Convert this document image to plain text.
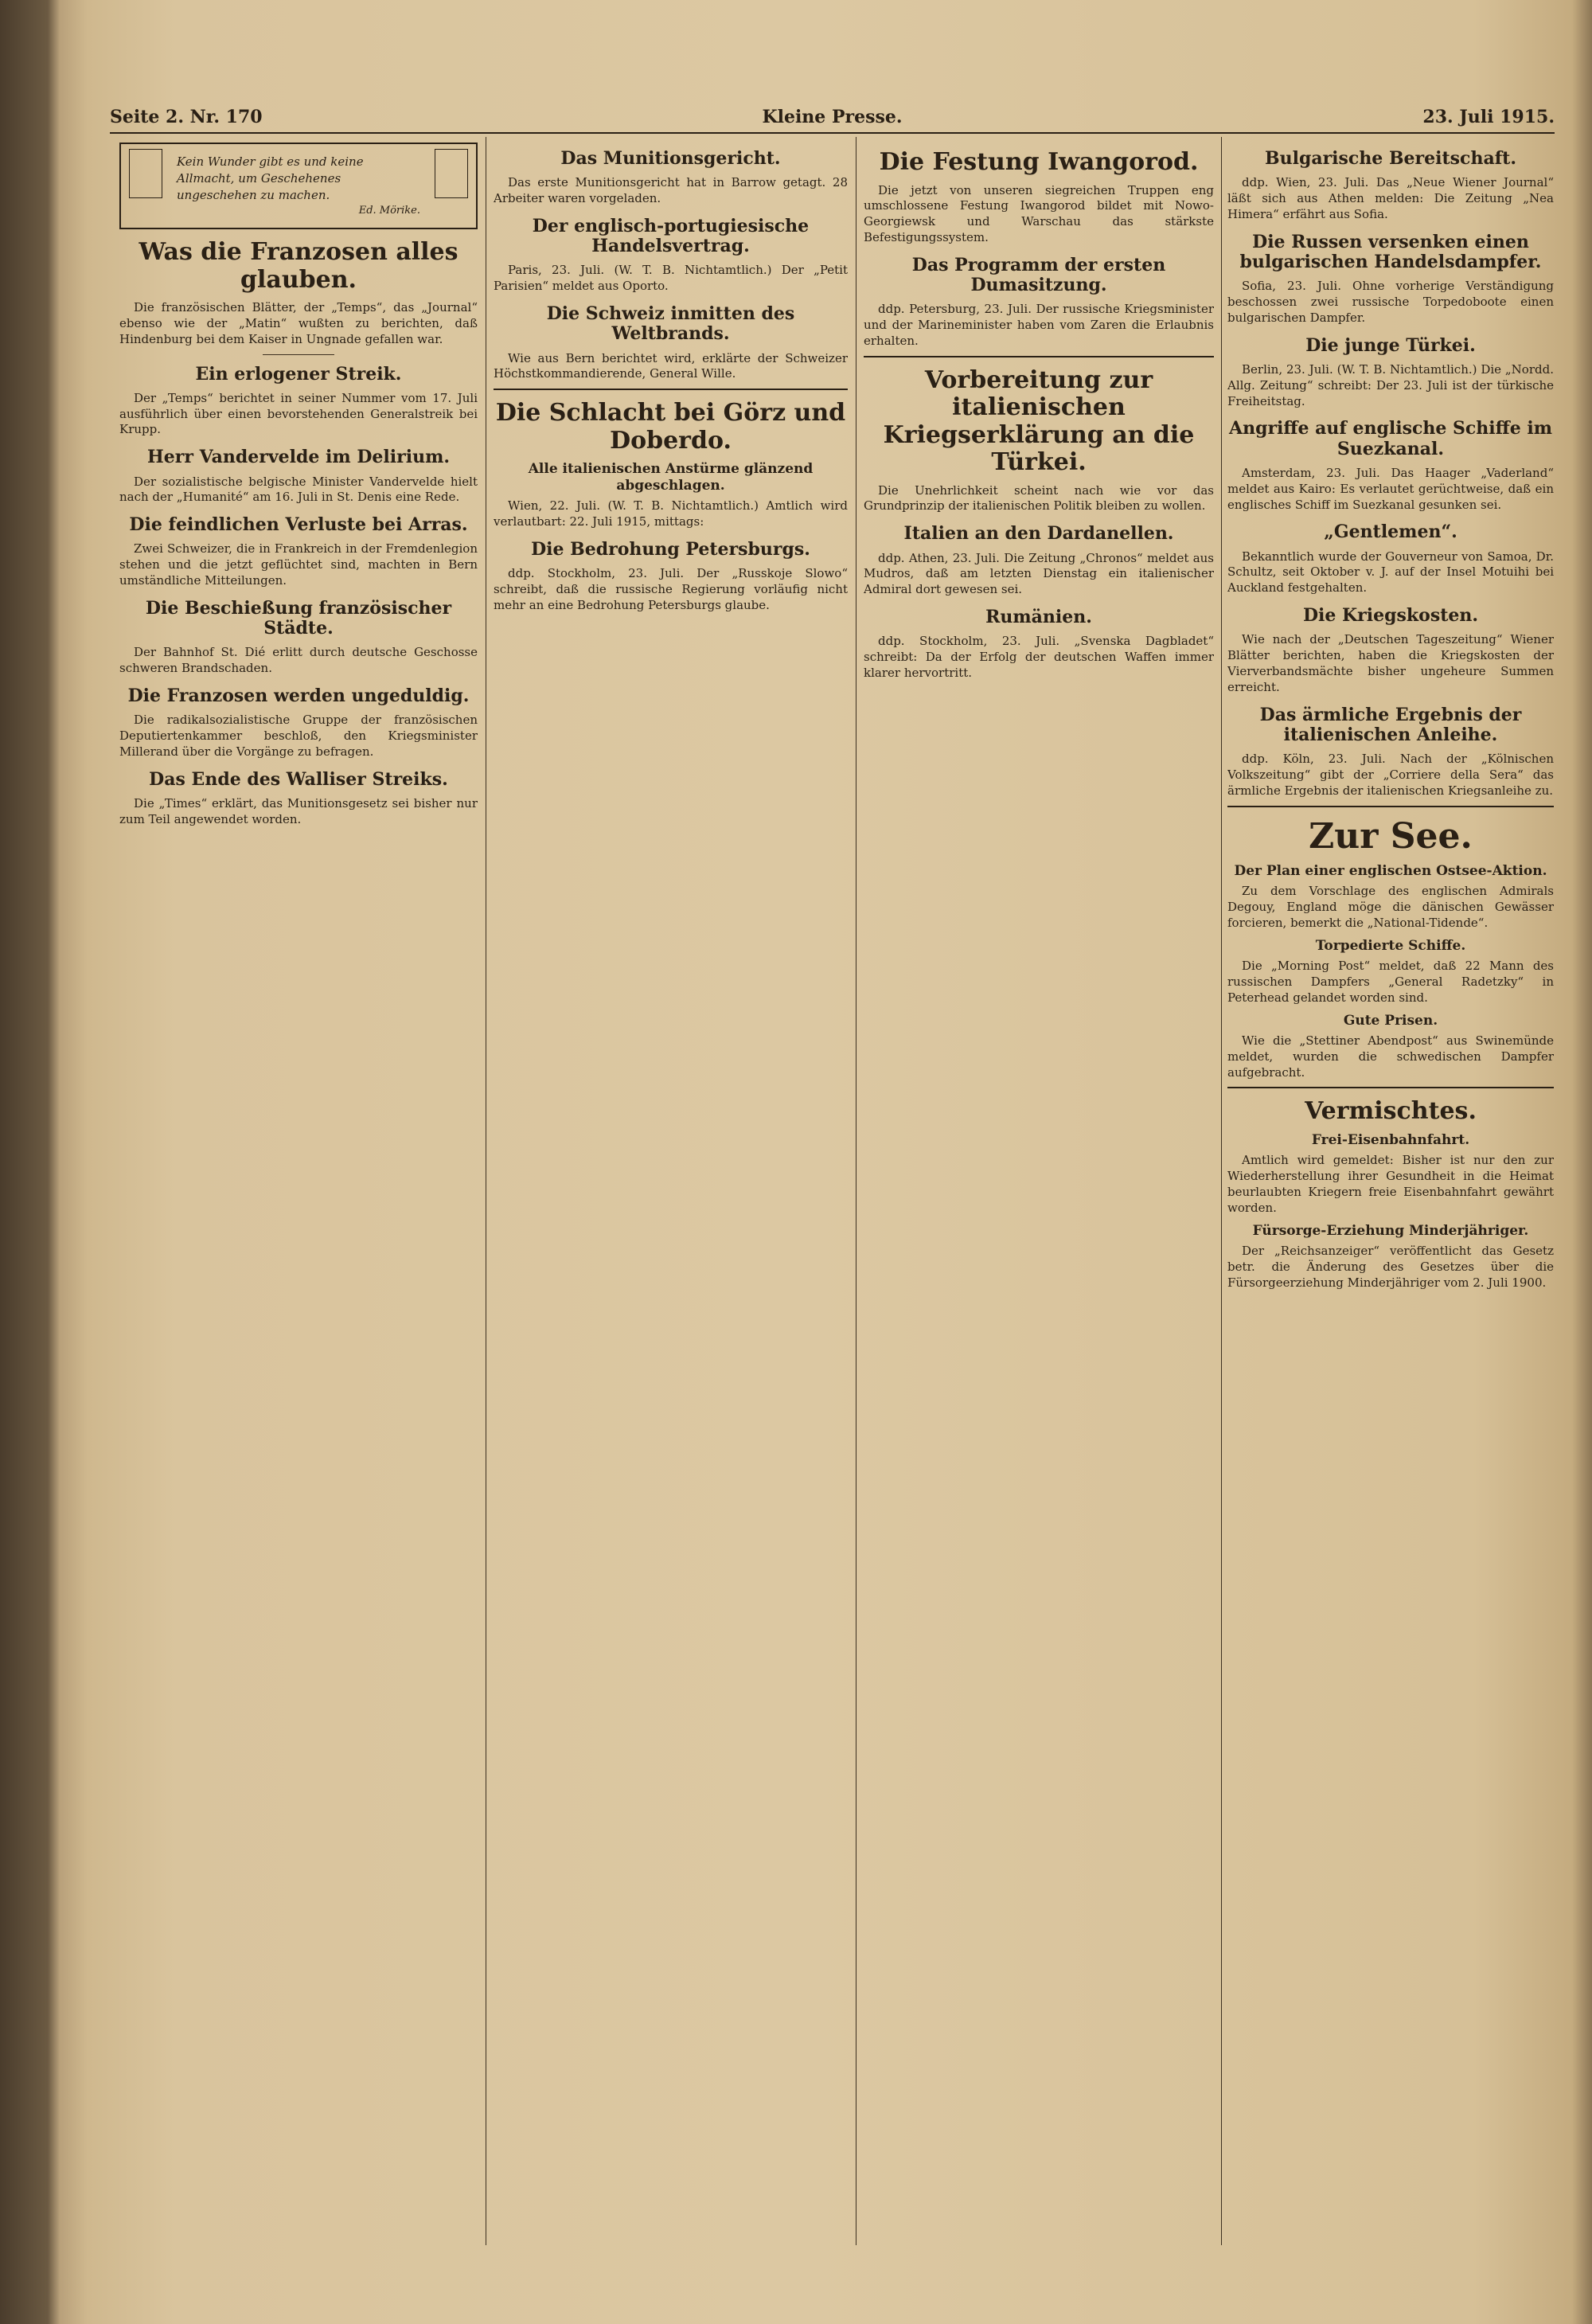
Seite 2. Nr. 170	Kleine Presse.	23. Juli 1915.
Kein Wunder gibt es und keine Allmacht, um Geschehenes ungeschehen zu machen.
Ed. Mörike.
Was die Franzosen alles glauben.

Die französischen Blätter, der „Temps“, das „Journal“ ebenso wie der „Matin“ wußten zu berichten, daß Hindenburg bei dem Kaiser in Ungnade gefallen war.

Ein erlogener Streik.

Der „Temps“ berichtet in seiner Nummer vom 17. Juli ausführlich über einen bevorstehenden Generalstreik bei Krupp.

Herr Vandervelde im Delirium.

Der sozialistische belgische Minister Vandervelde hielt nach der „Humanité“ am 16. Juli in St. Denis eine Rede.

Die feindlichen Verluste bei Arras.

Zwei Schweizer, die in Frankreich in der Fremdenlegion stehen und die jetzt geflüchtet sind, machten in Bern umständliche Mitteilungen.

Die Beschießung französischer Städte.

Der Bahnhof St. Dié erlitt durch deutsche Geschosse schweren Brandschaden.

Die Franzosen werden ungeduldig.

Die radikalsozialistische Gruppe der französischen Deputiertenkammer beschloß, den Kriegsminister Millerand über die Vorgänge zu befragen.

Das Ende des Walliser Streiks.

Die „Times“ erklärt, das Munitionsgesetz sei bisher nur zum Teil angewendet worden.

Das Munitionsgericht.

Das erste Munitionsgericht hat in Barrow getagt. 28 Arbeiter waren vorgeladen.

Der englisch-portugiesische Handelsvertrag.

Paris, 23. Juli. (W. T. B. Nichtamtlich.) Der „Petit Parisien“ meldet aus Oporto.

Die Schweiz inmitten des Weltbrands.

Wie aus Bern berichtet wird, erklärte der Schweizer Höchstkommandierende, General Wille.

Die Schlacht bei Görz und Doberdo.
Alle italienischen Anstürme glänzend abgeschlagen.

Wien, 22. Juli. (W. T. B. Nichtamtlich.) Amtlich wird verlautbart: 22. Juli 1915, mittags:

Die Bedrohung Petersburgs.

ddp. Stockholm, 23. Juli. Der „Russkoje Slowo“ schreibt, daß die russische Regierung vorläufig nicht mehr an eine Bedrohung Petersburgs glaube.

Die Festung Iwangorod.

Die jetzt von unseren siegreichen Truppen eng umschlossene Festung Iwangorod bildet mit Nowo-Georgiewsk und Warschau das stärkste Befestigungssystem.

Das Programm der ersten Dumasitzung.

ddp. Petersburg, 23. Juli. Der russische Kriegsminister und der Marineminister haben vom Zaren die Erlaubnis erhalten.

Vorbereitung zur italienischen Kriegserklärung an die Türkei.

Die Unehrlichkeit scheint nach wie vor das Grundprinzip der italienischen Politik bleiben zu wollen.

Italien an den Dardanellen.

ddp. Athen, 23. Juli. Die Zeitung „Chronos“ meldet aus Mudros, daß am letzten Dienstag ein italienischer Admiral dort gewesen sei.

Rumänien.

ddp. Stockholm, 23. Juli. „Svenska Dagbladet“ schreibt: Da der Erfolg der deutschen Waffen immer klarer hervortritt.

Bulgarische Bereitschaft.

ddp. Wien, 23. Juli. Das „Neue Wiener Journal“ läßt sich aus Athen melden: Die Zeitung „Nea Himera“ erfährt aus Sofia.

Die Russen versenken einen bulgarischen Handelsdampfer.

Sofia, 23. Juli. Ohne vorherige Verständigung beschossen zwei russische Torpedoboote einen bulgarischen Dampfer.

Die junge Türkei.

Berlin, 23. Juli. (W. T. B. Nichtamtlich.) Die „Nordd. Allg. Zeitung“ schreibt: Der 23. Juli ist der türkische Freiheitstag.

Angriffe auf englische Schiffe im Suezkanal.

Amsterdam, 23. Juli. Das Haager „Vaderland“ meldet aus Kairo: Es verlautet gerüchtweise, daß ein englisches Schiff im Suezkanal gesunken sei.

„Gentlemen“.

Bekanntlich wurde der Gouverneur von Samoa, Dr. Schultz, seit Oktober v. J. auf der Insel Motuihi bei Auckland festgehalten.

Die Kriegskosten.

Wie nach der „Deutschen Tageszeitung“ Wiener Blätter berichten, haben die Kriegskosten der Vierverbandsmächte bisher ungeheure Summen erreicht.

Das ärmliche Ergebnis der italienischen Anleihe.

ddp. Köln, 23. Juli. Nach der „Kölnischen Volkszeitung“ gibt der „Corriere della Sera“ das ärmliche Ergebnis der italienischen Kriegsanleihe zu.

Zur See.
Der Plan einer englischen Ostsee-Aktion.

Zu dem Vorschlage des englischen Admirals Degouy, England möge die dänischen Gewässer forcieren, bemerkt die „National-Tidende“.

Torpedierte Schiffe.

Die „Morning Post“ meldet, daß 22 Mann des russischen Dampfers „General Radetzky“ in Peterhead gelandet worden sind.

Gute Prisen.

Wie die „Stettiner Abendpost“ aus Swinemünde meldet, wurden die schwedischen Dampfer aufgebracht.

Vermischtes.
Frei-Eisenbahnfahrt.

Amtlich wird gemeldet: Bisher ist nur den zur Wiederherstellung ihrer Gesundheit in die Heimat beurlaubten Kriegern freie Eisenbahnfahrt gewährt worden.

Fürsorge-Erziehung Minderjähriger.

Der „Reichsanzeiger“ veröffentlicht das Gesetz betr. die Änderung des Gesetzes über die Fürsorgeerziehung Minderjähriger vom 2. Juli 1900.
